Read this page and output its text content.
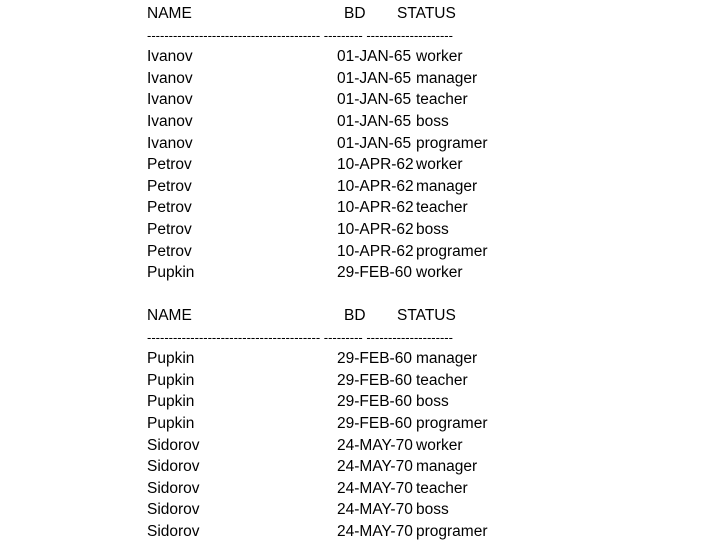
NAME	BD STATUS
---------------------------------------- --------- --------------------
Ivanov	01-JAN-65 worker
Ivanov	01-JAN-65 manager
Ivanov	01-JAN-65 teacher
Ivanov	01-JAN-65 boss
Ivanov	01-JAN-65 programer
Petrov	10-APR-62 worker
Petrov	10-APR-62 manager
Petrov	10-APR-62 teacher
Petrov	10-APR-62 boss
Petrov	10-APR-62 programer
Pupkin	29-FEB-60 worker
NAME	BD STATUS
---------------------------------------- --------- --------------------
Pupkin	29-FEB-60 manager
Pupkin	29-FEB-60 teacher
Pupkin	29-FEB-60 boss
Pupkin	29-FEB-60 programer
Sidorov	24-MAY-70 worker
Sidorov	24-MAY-70 manager
Sidorov	24-MAY-70 teacher
Sidorov	24-MAY-70 boss
Sidorov	24-MAY-70 programer
